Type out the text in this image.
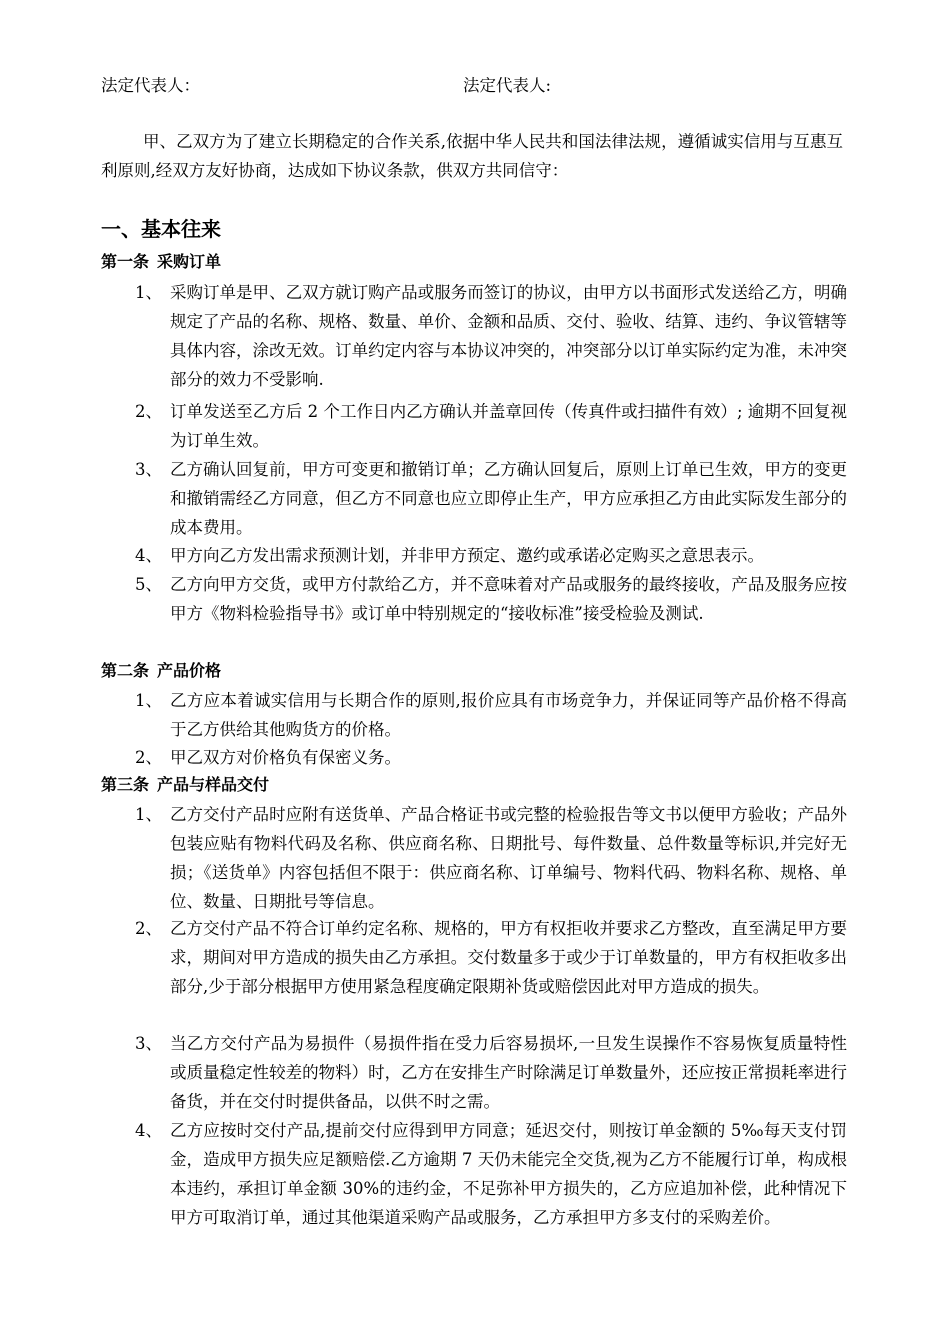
法定代表人：	法定代表人:

甲、乙双方为了建立长期稳定的合作关系,依据中华人民共和国法律法规，遵循诚实信用与互惠互利原则,经双方友好协商，达成如下协议条款，供双方共同信守：

一、基本往来
第一条 采购订单
1、 采购订单是甲、乙双方就订购产品或服务而签订的协议，由甲方以书面形式发送给乙方，明确规定了产品的名称、规格、数量、单价、金额和品质、交付、验收、结算、违约、争议管辖等具体内容，涂改无效。订单约定内容与本协议冲突的，冲突部分以订单实际约定为准，未冲突部分的效力不受影响.
2、 订单发送至乙方后 2 个工作日内乙方确认并盖章回传（传真件或扫描件有效）; 逾期不回复视为订单生效。
3、 乙方确认回复前，甲方可变更和撤销订单；乙方确认回复后，原则上订单已生效，甲方的变更和撤销需经乙方同意，但乙方不同意也应立即停止生产，甲方应承担乙方由此实际发生部分的成本费用。
4、 甲方向乙方发出需求预测计划，并非甲方预定、邀约或承诺必定购买之意思表示。
5、 乙方向甲方交货，或甲方付款给乙方，并不意味着对产品或服务的最终接收，产品及服务应按甲方《物料检验指导书》或订单中特别规定的“接收标准”接受检验及测试.
第二条 产品价格
1、 乙方应本着诚实信用与长期合作的原则,报价应具有市场竞争力，并保证同等产品价格不得高于乙方供给其他购货方的价格。
2、 甲乙双方对价格负有保密义务。
第三条 产品与样品交付
1、 乙方交付产品时应附有送货单、产品合格证书或完整的检验报告等文书以便甲方验收；产品外包装应贴有物料代码及名称、供应商名称、日期批号、每件数量、总件数量等标识,并完好无损；《送货单》内容包括但不限于：供应商名称、订单编号、物料代码、物料名称、规格、单位、数量、日期批号等信息。
2、 乙方交付产品不符合订单约定名称、规格的，甲方有权拒收并要求乙方整改，直至满足甲方要求，期间对甲方造成的损失由乙方承担。交付数量多于或少于订单数量的，甲方有权拒收多出部分,少于部分根据甲方使用紧急程度确定限期补货或赔偿因此对甲方造成的损失。
3、 当乙方交付产品为易损件（易损件指在受力后容易损坏,一旦发生误操作不容易恢复质量特性或质量稳定性较差的物料）时，乙方在安排生产时除满足订单数量外，还应按正常损耗率进行备货，并在交付时提供备品，以供不时之需。
4、 乙方应按时交付产品,提前交付应得到甲方同意；延迟交付，则按订单金额的 5‰每天支付罚金，造成甲方损失应足额赔偿.乙方逾期 7 天仍未能完全交货,视为乙方不能履行订单，构成根本违约，承担订单金额 30%的违约金，不足弥补甲方损失的，乙方应追加补偿，此种情况下甲方可取消订单，通过其他渠道采购产品或服务，乙方承担甲方多支付的采购差价。
